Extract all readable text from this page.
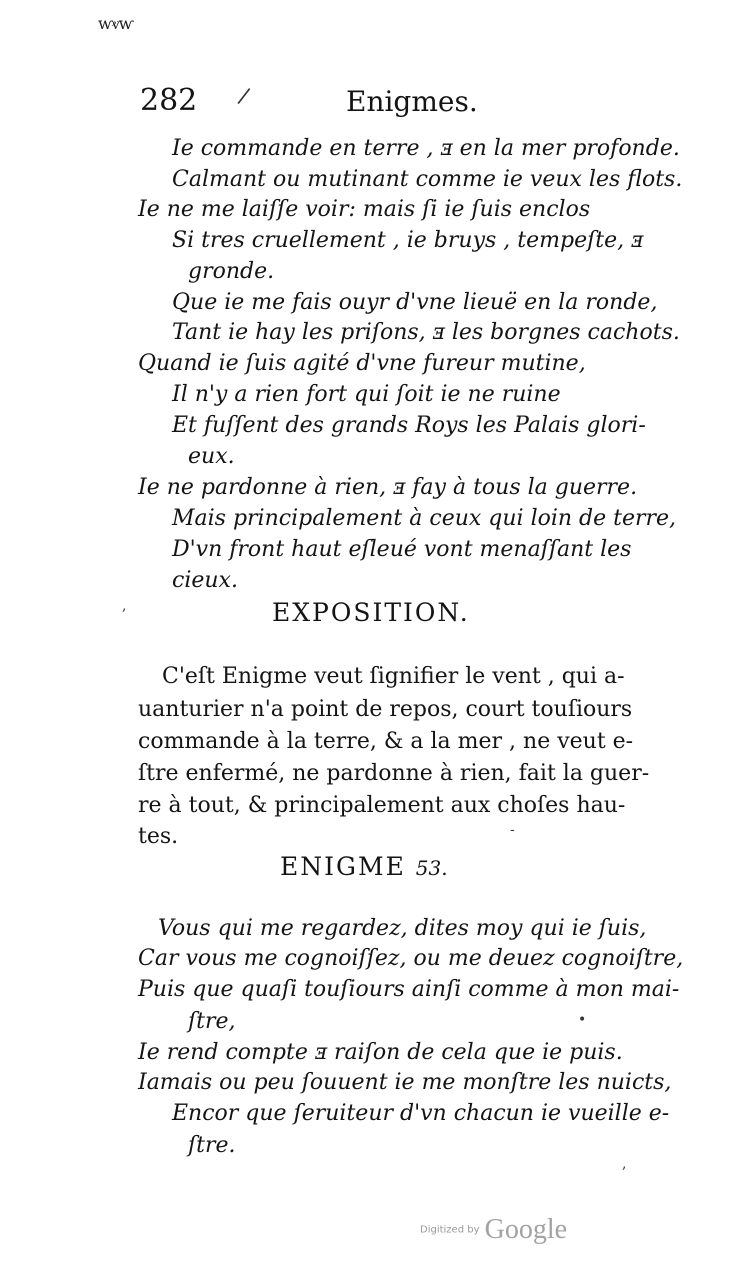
ⱳⱴⱳ
282 /	Enigmes.
Ie commande en terre , ⱻ en la mer profonde.
Calmant ou mutinant comme ie veux les flots.
Ie ne me laiſſe voir: mais ſi ie ſuis enclos
Si tres cruellement , ie bruys , tempeſte, ⱻ
gronde.
Que ie me fais ouyr d'vne lieuë en la ronde,
Tant ie hay les priſons, ⱻ les borgnes cachots.
Quand ie ſuis agité d'vne fureur mutine,
Il n'y a rien fort qui ſoit ie ne ruine
Et fuſſent des grands Roys les Palais glori-
eux.
Ie ne pardonne à rien, ⱻ fay à tous la guerre.
Mais principalement à ceux qui loin de terre,
D'vn front haut eſleué vont menaſſant les
cieux.
,	EXPOSITION.
C'eſt Enigme veut ſignifier le vent , qui a-
uanturier n'a point de repos, court touſiours
commande à la terre, & a la mer , ne veut e-
ſtre enfermé, ne pardonne à rien, fait la guer-
re à tout, & principalement aux choſes hau-
tes.	-
ENIGME 53.
Vous qui me regardez, dites moy qui ie ſuis,
Car vous me cognoiſſez, ou me deuez cognoiſtre,
Puis que quaſi touſiours ainſi comme à mon mai-
ſtre,
Ie rend compte ⱻ raiſon de cela que ie puis.
Iamais ou peu ſouuent ie me monſtre les nuicts,
Encor que ſeruiteur d'vn chacun ie vueille e-
ſtre.
•
,
Digitized by Google
